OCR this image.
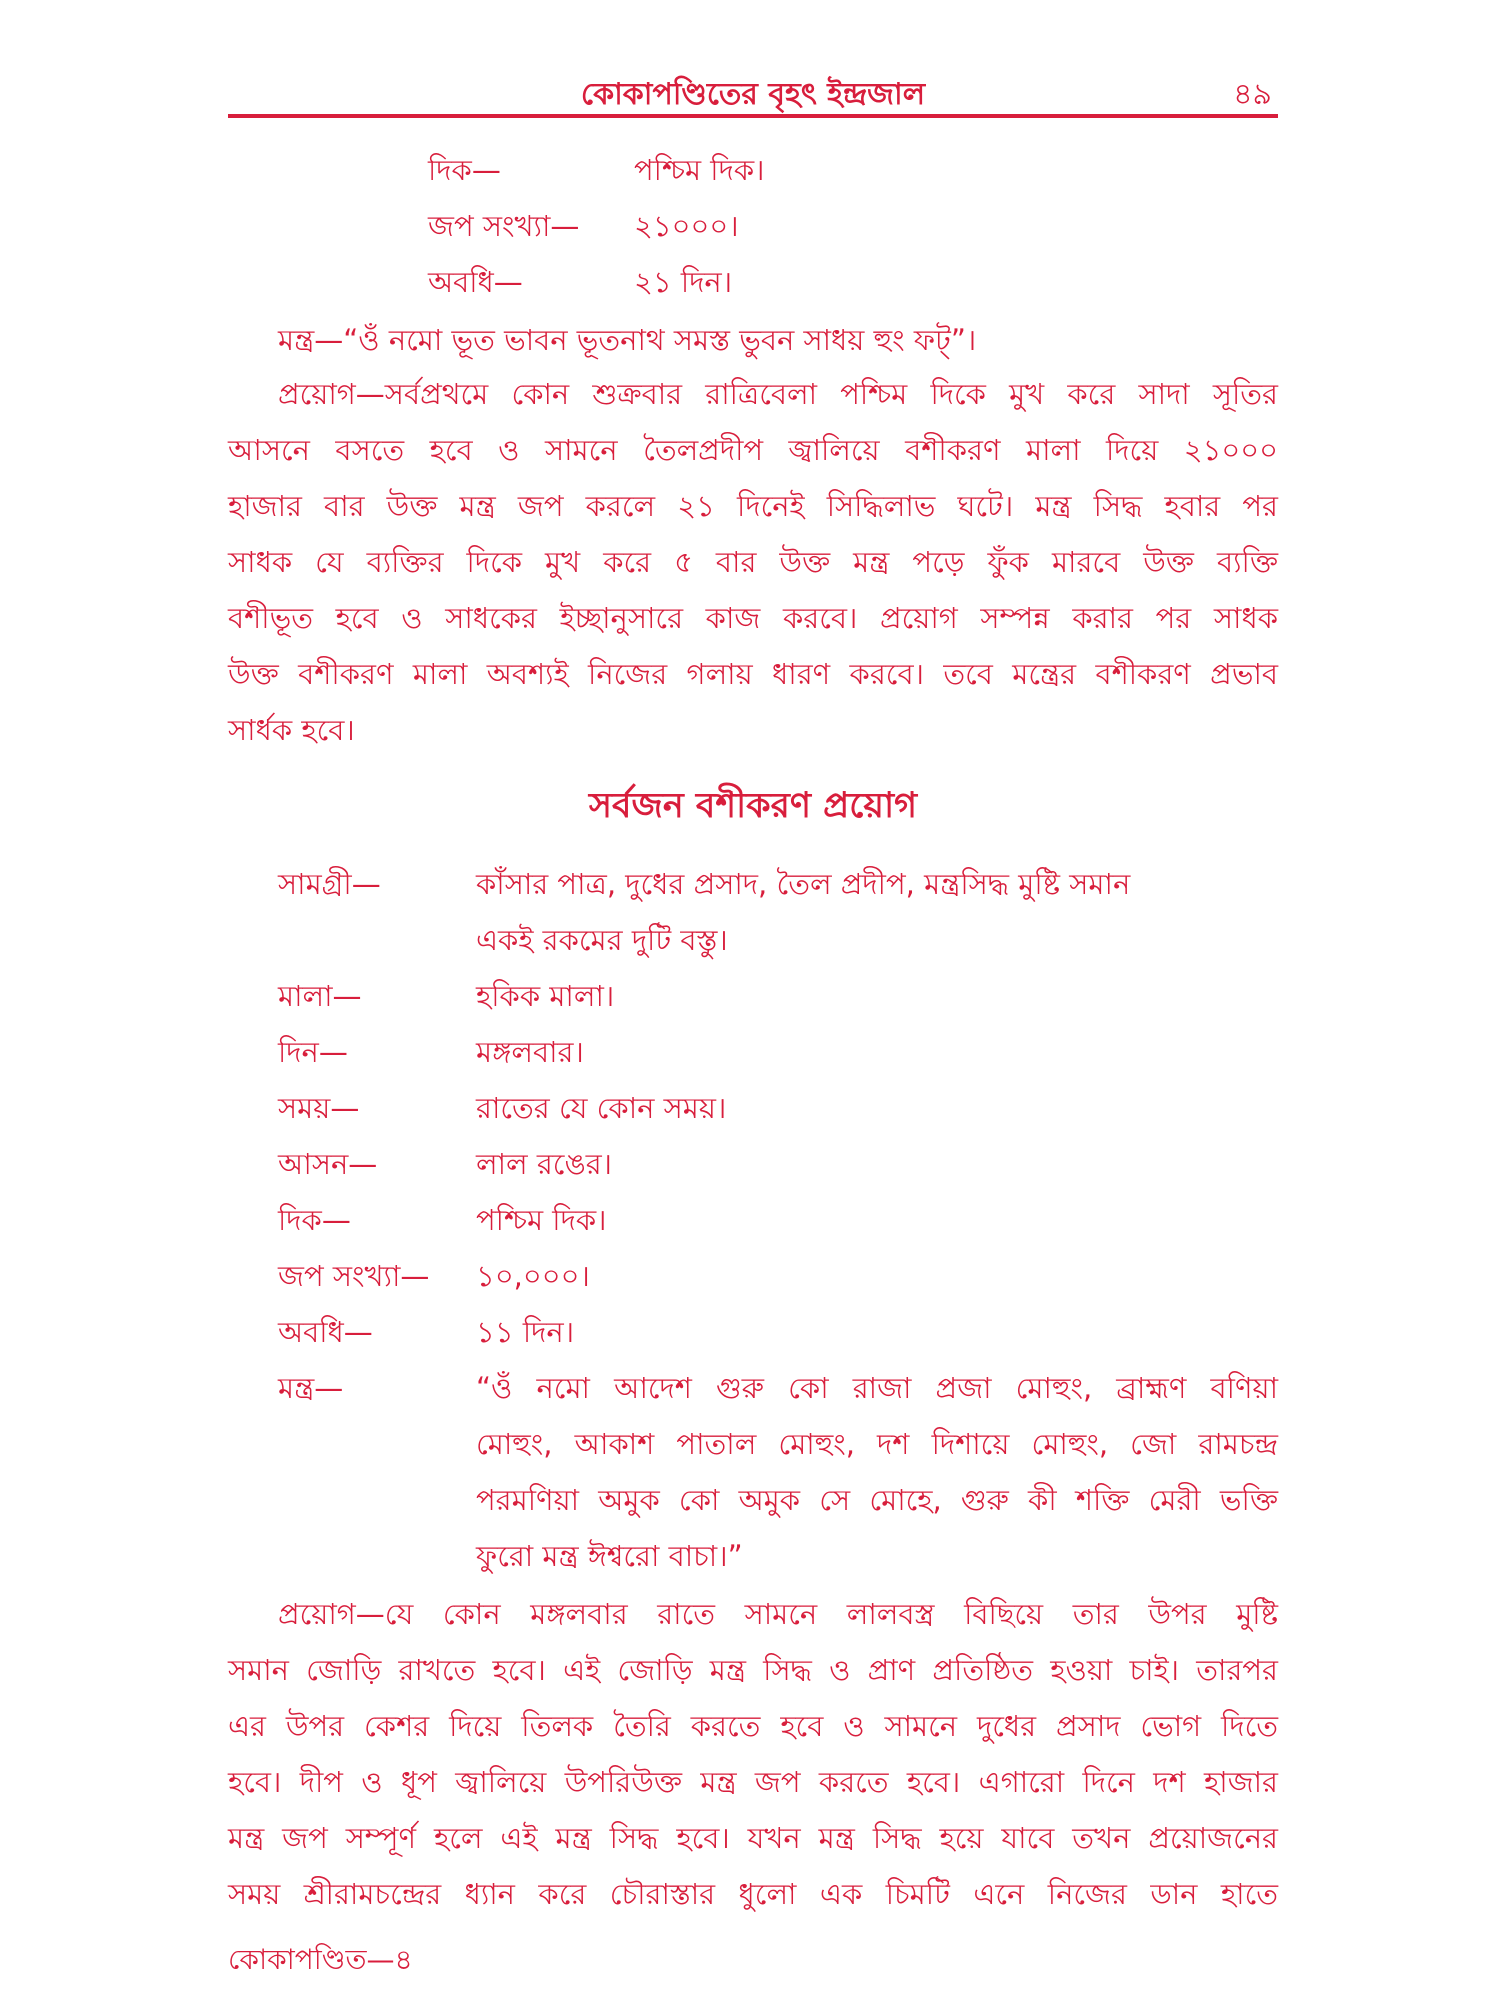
কোকাপণ্ডিতের বৃহৎ ইন্দ্রজাল	৪৯
দিক—	পশ্চিম দিক।
জপ সংখ্যা— ২১০০০।
অবধি—	২১ দিন।
মন্ত্র—“ওঁ নমো ভূত ভাবন ভূতনাথ সমস্ত ভুবন সাধয় হুং ফট্”।
প্রয়োগ—সর্বপ্রথমে কোন শুক্রবার রাত্রিবেলা পশ্চিম দিকে মুখ করে সাদা সূতির
আসনে বসতে হবে ও সামনে তৈলপ্রদীপ জ্বালিয়ে বশীকরণ মালা দিয়ে ২১০০০
হাজার বার উক্ত মন্ত্র জপ করলে ২১ দিনেই সিদ্ধিলাভ ঘটে। মন্ত্র সিদ্ধ হবার পর
সাধক যে ব্যক্তির দিকে মুখ করে ৫ বার উক্ত মন্ত্র পড়ে ফুঁক মারবে উক্ত ব্যক্তি
বশীভূত হবে ও সাধকের ইচ্ছানুসারে কাজ করবে। প্রয়োগ সম্পন্ন করার পর সাধক
উক্ত বশীকরণ মালা অবশ্যই নিজের গলায় ধারণ করবে। তবে মন্ত্রের বশীকরণ প্রভাব
সার্ধক হবে।
সর্বজন বশীকরণ প্রয়োগ
সামগ্রী—	কাঁসার পাত্র, দুধের প্রসাদ, তৈল প্রদীপ, মন্ত্রসিদ্ধ মুষ্টি সমান
একই রকমের দুটি বস্তু।
মালা—	হকিক মালা।
দিন—	মঙ্গলবার।
সময়—	রাতের যে কোন সময়।
আসন—	লাল রঙের।
দিক—	পশ্চিম দিক।
জপ সংখ্যা— ১০,০০০।
অবধি—	১১ দিন।
মন্ত্র—	“ওঁ নমো আদেশ গুরু কো রাজা প্রজা মোহুং, ব্রাহ্মণ বণিয়া
মোহুং, আকাশ পাতাল মোহুং, দশ দিশায়ে মোহুং, জো রামচন্দ্র
পরমণিয়া অমুক কো অমুক সে মোহে, গুরু কী শক্তি মেরী ভক্তি
ফুরো মন্ত্র ঈশ্বরো বাচা।”
প্রয়োগ—যে কোন মঙ্গলবার রাতে সামনে লালবস্ত্র বিছিয়ে তার উপর মুষ্টি
সমান জোড়ি রাখতে হবে। এই জোড়ি মন্ত্র সিদ্ধ ও প্রাণ প্রতিষ্ঠিত হওয়া চাই। তারপর
এর উপর কেশর দিয়ে তিলক তৈরি করতে হবে ও সামনে দুধের প্রসাদ ভোগ দিতে
হবে। দীপ ও ধূপ জ্বালিয়ে উপরিউক্ত মন্ত্র জপ করতে হবে। এগারো দিনে দশ হাজার
মন্ত্র জপ সম্পূর্ণ হলে এই মন্ত্র সিদ্ধ হবে। যখন মন্ত্র সিদ্ধ হয়ে যাবে তখন প্রয়োজনের
সময় শ্রীরামচন্দ্রের ধ্যান করে চৌরাস্তার ধুলো এক চিমটি এনে নিজের ডান হাতে
কোকাপণ্ডিত—৪
